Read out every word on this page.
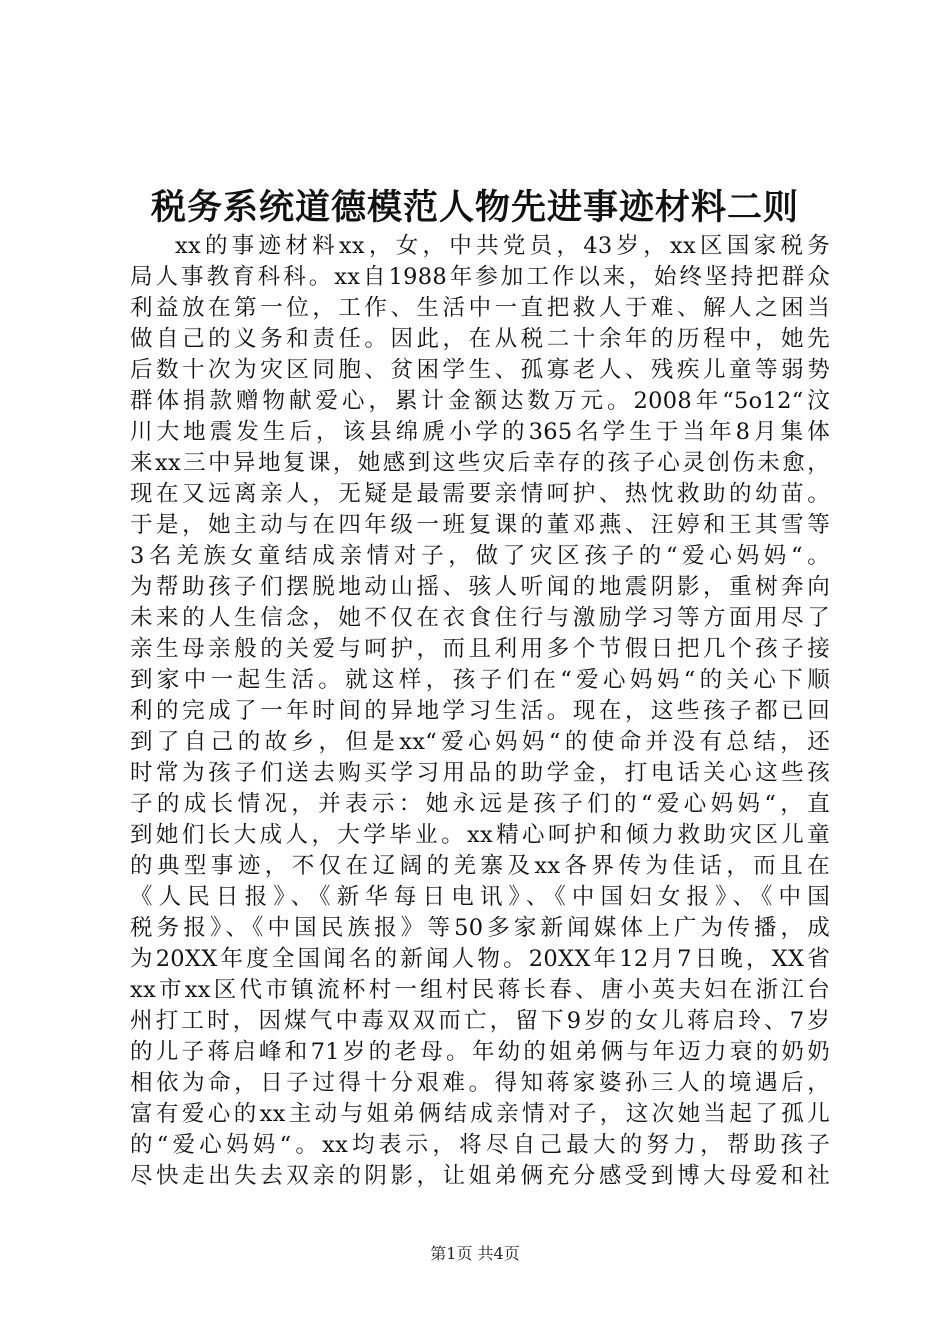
税务系统道德模范人物先进事迹材料二则
xx的事迹材料xx，女，中共党员，43岁，xx区国家税务
局人事教育科科。xx自1988年参加工作以来，始终坚持把群众
利益放在第一位，工作、生活中一直把救人于难、解人之困当
做自己的义务和责任。因此，在从税二十余年的历程中，她先
后数十次为灾区同胞、贫困学生、孤寡老人、残疾儿童等弱势
群体捐款赠物献爱心，累计金额达数万元。2008年“5o12“汶
川大地震发生后，该县绵虒小学的365名学生于当年8月集体
来xx三中异地复课，她感到这些灾后幸存的孩子心灵创伤未愈，
现在又远离亲人，无疑是最需要亲情呵护、热忱救助的幼苗。
于是，她主动与在四年级一班复课的董邓燕、汪婷和王其雪等
3名羌族女童结成亲情对子，做了灾区孩子的“爱心妈妈“。
为帮助孩子们摆脱地动山摇、骇人听闻的地震阴影，重树奔向
未来的人生信念，她不仅在衣食住行与激励学习等方面用尽了
亲生母亲般的关爱与呵护，而且利用多个节假日把几个孩子接
到家中一起生活。就这样，孩子们在“爱心妈妈“的关心下顺
利的完成了一年时间的异地学习生活。现在，这些孩子都已回
到了自己的故乡，但是xx“爱心妈妈“的使命并没有总结，还
时常为孩子们送去购买学习用品的助学金，打电话关心这些孩
子的成长情况，并表示：她永远是孩子们的“爱心妈妈“，直
到她们长大成人，大学毕业。xx精心呵护和倾力救助灾区儿童
的典型事迹，不仅在辽阔的羌寨及xx各界传为佳话，而且在
《人民日报》、《新华每日电讯》、《中国妇女报》、《中国
税务报》、《中国民族报》等50多家新闻媒体上广为传播，成
为20XX年度全国闻名的新闻人物。20XX年12月7日晚，XX省
xx市xx区代市镇流杯村一组村民蒋长春、唐小英夫妇在浙江台
州打工时，因煤气中毒双双而亡，留下9岁的女儿蒋启玲、7岁
的儿子蒋启峰和71岁的老母。年幼的姐弟俩与年迈力衰的奶奶
相依为命，日子过得十分艰难。得知蒋家婆孙三人的境遇后，
富有爱心的xx主动与姐弟俩结成亲情对子，这次她当起了孤儿
的“爱心妈妈“。xx均表示，将尽自己最大的努力，帮助孩子
尽快走出失去双亲的阴影，让姐弟俩充分感受到博大母爱和社
第1页 共4页
